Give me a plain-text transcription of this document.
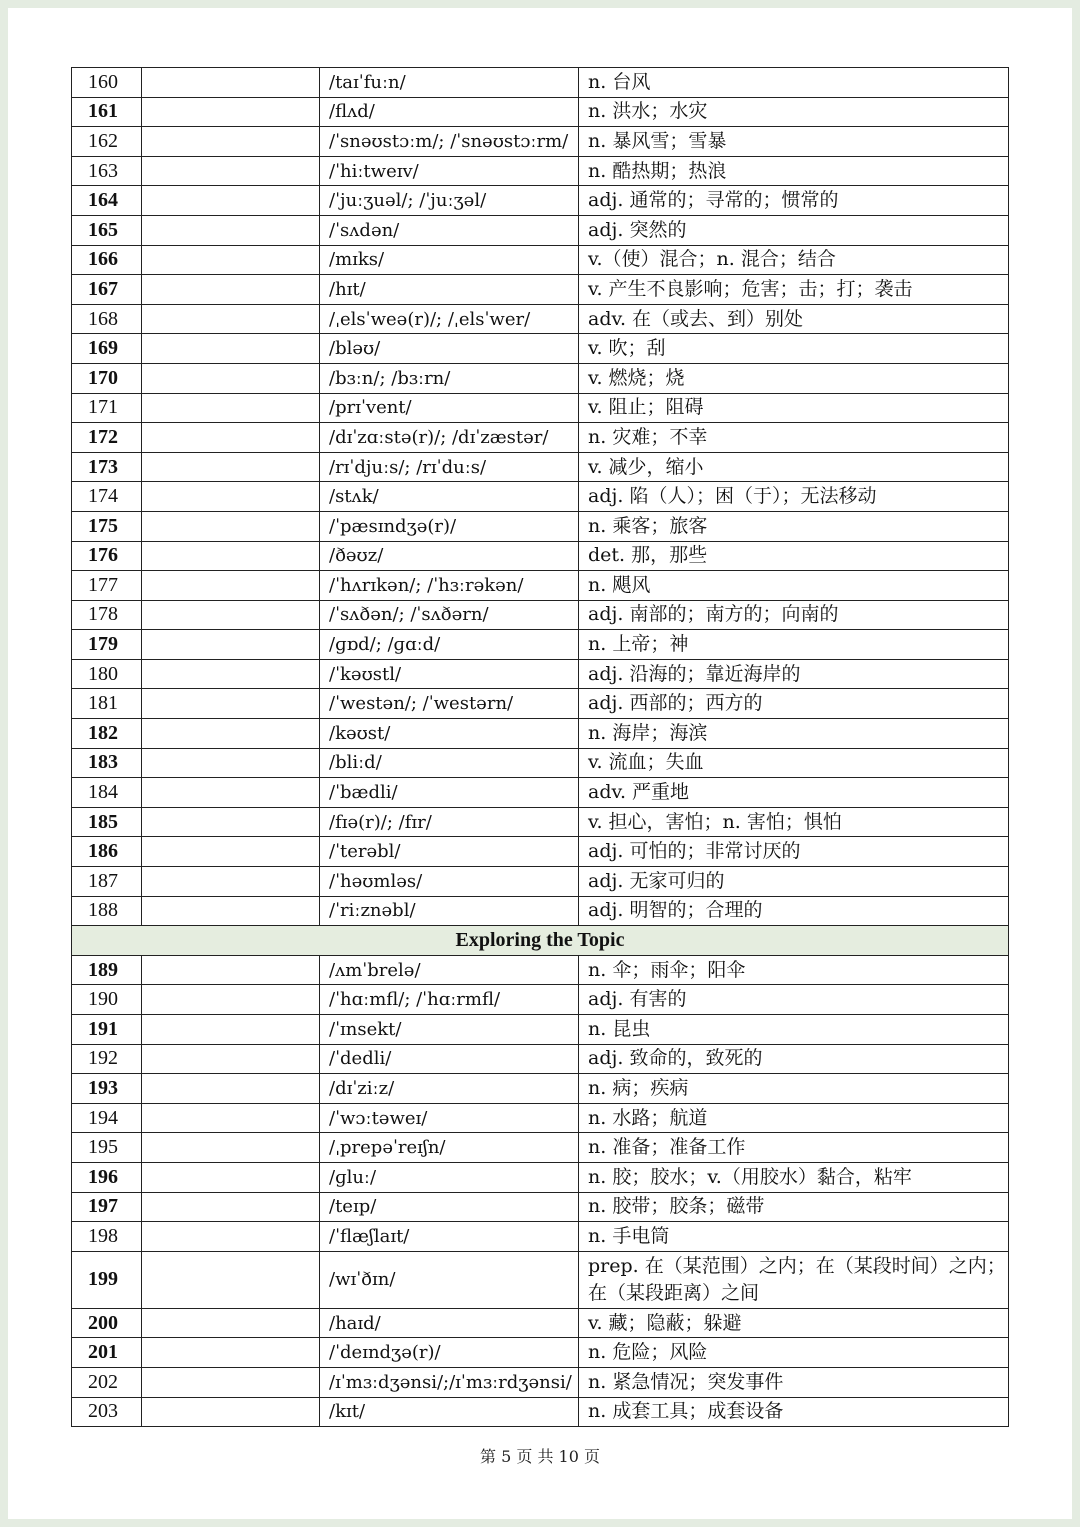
160		/taɪˈfuːn/	n. 台风
161		/flʌd/	n. 洪水；水灾
162		/ˈsnəʊstɔːm/; /ˈsnəʊstɔːrm/	n. 暴风雪；雪暴
163		/ˈhiːtweɪv/	n. 酷热期；热浪
164		/ˈjuːʒuəl/; /ˈjuːʒəl/	adj. 通常的；寻常的；惯常的
165		/ˈsʌdən/	adj. 突然的
166		/mɪks/	v.（使）混合；n. 混合；结合
167		/hɪt/	v. 产生不良影响；危害；击；打；袭击
168		/ˌelsˈweə(r)/; /ˌelsˈwer/	adv. 在（或去、到）别处
169		/bləʊ/	v. 吹；刮
170		/bɜːn/; /bɜːrn/	v. 燃烧；烧
171		/prɪˈvent/	v. 阻止；阻碍
172		/dɪˈzɑːstə(r)/; /dɪˈzæstər/	n. 灾难；不幸
173		/rɪˈdjuːs/; /rɪˈduːs/	v. 减少，缩小
174		/stʌk/	adj. 陷（人）；困（于）；无法移动
175		/ˈpæsɪndʒə(r)/	n. 乘客；旅客
176		/ðəʊz/	det. 那，那些
177		/ˈhʌrɪkən/; /ˈhɜːrəkən/	n. 飓风
178		/ˈsʌðən/; /ˈsʌðərn/	adj. 南部的；南方的；向南的
179		/ɡɒd/; /ɡɑːd/	n. 上帝；神
180		/ˈkəʊstl/	adj. 沿海的；靠近海岸的
181		/ˈwestən/; /ˈwestərn/	adj. 西部的；西方的
182		/kəʊst/	n. 海岸；海滨
183		/bliːd/	v. 流血；失血
184		/ˈbædli/	adv. 严重地
185		/fɪə(r)/; /fɪr/	v. 担心，害怕；n. 害怕；惧怕
186		/ˈterəbl/	adj. 可怕的；非常讨厌的
187		/ˈhəʊmləs/	adj. 无家可归的
188		/ˈriːznəbl/	adj. 明智的；合理的
Exploring the Topic			
189		/ʌmˈbrelə/	n. 伞；雨伞；阳伞
190		/ˈhɑːmfl/; /ˈhɑːrmfl/	adj. 有害的
191		/ˈɪnsekt/	n. 昆虫
192		/ˈdedli/	adj. 致命的，致死的
193		/dɪˈziːz/	n. 病；疾病
194		/ˈwɔːtəweɪ/	n. 水路；航道
195		/ˌprepəˈreɪʃn/	n. 准备；准备工作
196		/ɡluː/	n. 胶；胶水；v.（用胶水）黏合，粘牢
197		/teɪp/	n. 胶带；胶条；磁带
198		/ˈflæʃlaɪt/	n. 手电筒
199		/wɪˈðɪn/	prep. 在（某范围）之内；在（某段时间）之内；在（某段距离）之间
200		/haɪd/	v. 藏；隐蔽；躲避
201		/ˈdeɪndʒə(r)/	n. 危险；风险
202		/ɪˈmɜːdʒənsi/;/ɪˈmɜːrdʒənsi/	n. 紧急情况；突发事件
203		/kɪt/	n. 成套工具；成套设备
第 5 页 共 10 页
